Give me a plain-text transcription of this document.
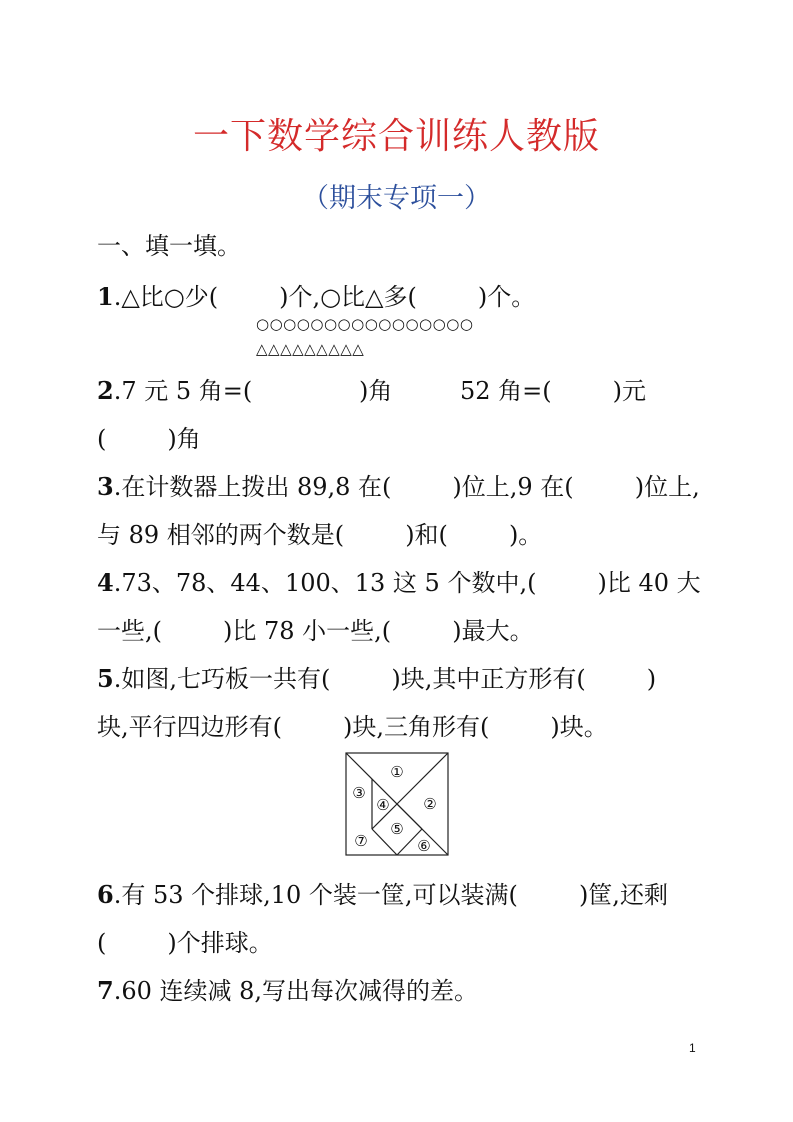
一下数学综合训练人教版
（期末专项一）
一、填一填。
1.△比○少(        )个,○比△多(        )个。
○○○○○○○○○○○○○○○○
△△△△△△△△△
2.7 元 5 角=(              )角	52 角=(        )元
(        )角
3.在计数器上拨出 89,8 在(        )位上,9 在(        )位上,
与 89 相邻的两个数是(        )和(        )。
4.73、78、44、100、13 这 5 个数中,(        )比 40 大
一些,(        )比 78 小一些,(        )最大。
5.如图,七巧板一共有(        )块,其中正方形有(        )
块,平行四边形有(        )块,三角形有(        )块。
①
②
③
④
⑤
⑥
⑦
6.有 53 个排球,10 个装一筐,可以装满(        )筐,还剩
(        )个排球。
7.60 连续减 8,写出每次减得的差。
1
